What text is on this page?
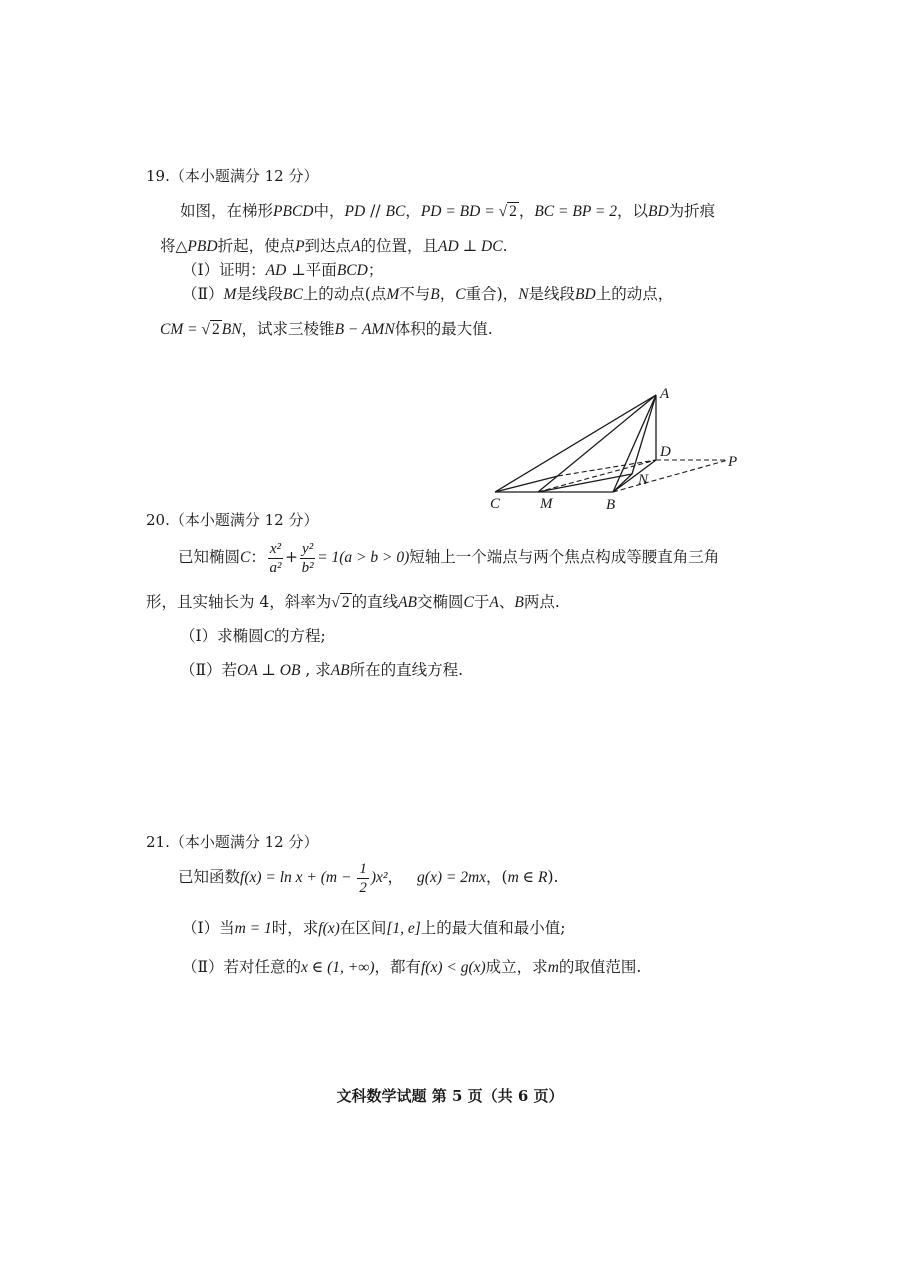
19.（本小题满分 12 分）
如图，在梯形PBCD中，PD // BC，PD = BD = √ 2 ，BC = BP = 2，以BD为折痕
将△PBD折起，使点P到达点A的位置，且AD ⊥ DC.
（Ⅰ）证明：AD ⊥平面BCD；
（Ⅱ）M是线段BC上的动点(点M不与B，C重合)，N是线段BD上的动点，
CM = √ 2 BN，试求三棱锥B − AMN体积的最大值.
A
D
P
N
C	M	B
20.（本小题满分 12 分）
已知椭圆C： $\frac{\text{x²}}{\text{a²}} + \frac{\text{y²}}{\text{b²}} = 1(a > b > 0)$短轴上一个端点与两个焦点构成等腰直角三角
形，且实轴长为 4，斜率为√ 2 的直线AB交椭圆C于A、B两点.
（Ⅰ）求椭圆C的方程;
（Ⅱ）若OA ⊥ OB , 求AB所在的直线方程.
21.（本小题满分 12 分）
已知函数$f(x) = \ln x + (m - \frac{1}{2} )x^2$， g(x) = 2mx，(m ∈ R).
（Ⅰ）当m = 1时，求f(x)在区间[1, e]上的最大值和最小值;
（Ⅱ）若对任意的x ∈ (1, +∞)，都有f(x) < g(x)成立，求m的取值范围.
文科数学试题 第 5 页（共 6 页）
